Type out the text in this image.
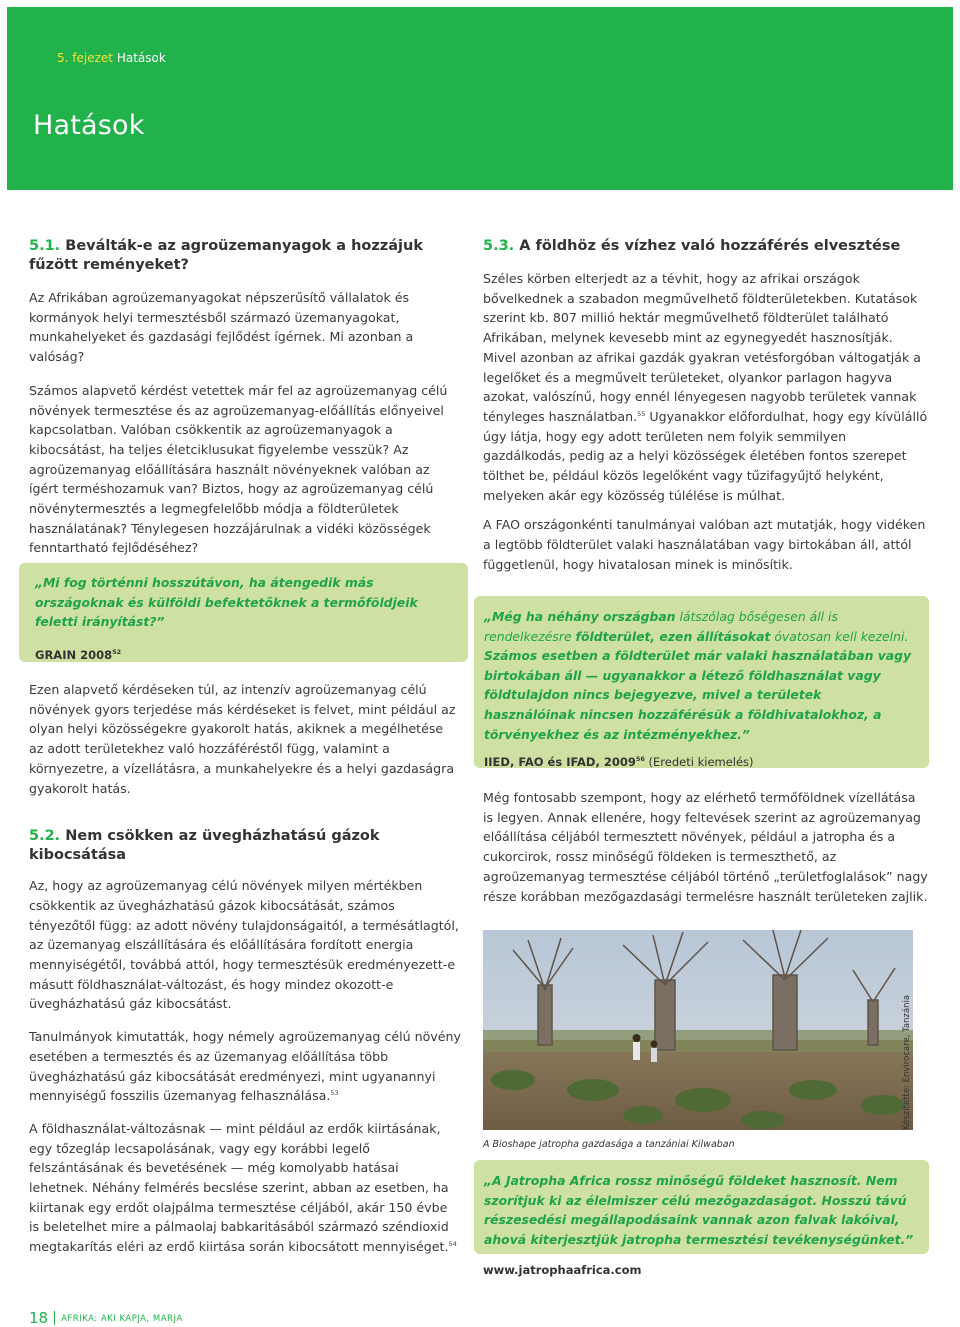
5. fejezet Hatások
Hatások
5.1. Beválták-e az agroüzemanyagok a hozzájuk fűzött reményeket?

Az Afrikában agroüzemanyagokat népszerűsítő vállalatok és kormányok helyi termesztésből származó üzemanyagokat, munkahelyeket és gazdasági fejlődést ígérnek. Mi azonban a valóság?

Számos alapvető kérdést vetettek már fel az agroüzemanyag célú növények termesztése és az agroüzemanyag-előállítás előnyeivel kapcsolatban. Valóban csökkentik az agroüzemanyagok a kibocsátást, ha teljes életciklusukat figyelembe vesszük? Az agroüzemanyag előállítására használt növényeknek valóban az ígért terméshozamuk van? Biztos, hogy az agroüzemanyag célú növénytermesztés a legmegfelelőbb módja a földterületek használatának? Ténylegesen hozzájárulnak a vidéki közösségek fenntartható fejlődéséhez?

„Mi fog történni hosszútávon, ha átengedik más országoknak és külföldi befektetőknek a termőföldjeik feletti irányítást?”
GRAIN 2008$^{52}$

Ezen alapvető kérdéseken túl, az intenzív agroüzemanyag célú növények gyors terjedése más kérdéseket is felvet, mint például az olyan helyi közösségekre gyakorolt hatás, akiknek a megélhetése az adott területekhez való hozzáféréstől függ, valamint a környezetre, a vízellátásra, a munkahelyekre és a helyi gazdaságra gyakorolt hatás.

5.2. Nem csökken az üvegházhatású gázok kibocsátása

Az, hogy az agroüzemanyag célú növények milyen mértékben csökkentik az üvegházhatású gázok kibocsátását, számos tényezőtől függ: az adott növény tulajdonságaitól, a termésátlagtól, az üzemanyag elszállítására és előállítására fordított energia mennyiségétől, továbbá attól, hogy termesztésük eredményezett-e másutt földhasználat-változást, és hogy mindez okozott-e üvegházhatású gáz kibocsátást.

Tanulmányok kimutatták, hogy némely agroüzemanyag célú növény esetében a termesztés és az üzemanyag előállítása több üvegházhatású gáz kibocsátását eredményezi, mint ugyanannyi mennyiségű fosszilis üzemanyag felhasználása.$^{53}$

A földhasználat-változásnak — mint például az erdők kiirtásának, egy tőzegláp lecsapolásának, vagy egy korábbi legelő felszántásának és bevetésének — még komolyabb hatásai lehetnek. Néhány felmérés becslése szerint, abban az esetben, ha kiirtanak egy erdőt olajpálma termesztése céljából, akár 150 évbe is beletelhet mire a pálmaolaj babkaritásából származó széndioxid megtakarítás eléri az erdő kiirtása során kibocsátott mennyiséget.$^{54}$

5.3. A földhöz és vízhez való hozzáférés elvesztése

Széles körben elterjedt az a tévhit, hogy az afrikai országok bővelkednek a szabadon megművelhető földterületekben. Kutatások szerint kb. 807 millió hektár megművelhető földterület található Afrikában, melynek kevesebb mint az egynegyedét hasznosítják. Mivel azonban az afrikai gazdák gyakran vetésforgóban váltogatják a legelőket és a megművelt területeket, olyankor parlagon hagyva azokat, valószínű, hogy ennél lényegesen nagyobb területek vannak tényleges használatban.$^{55}$ Ugyanakkor előfordulhat, hogy egy kívülálló úgy látja, hogy egy adott területen nem folyik semmilyen gazdálkodás, pedig az a helyi közösségek életében fontos szerepet tölthet be, például közös legelőként vagy tűzifagyűjtő helyként, melyeken akár egy közösség túlélése is múlhat.

A FAO országonkénti tanulmányai valóban azt mutatják, hogy vidéken a legtöbb földterület valaki használatában vagy birtokában áll, attól függetlenül, hogy hivatalosan minek is minősítik.

„Még ha néhány országban látszólag bőségesen áll is rendelkezésre földterület, ezen állításokat óvatosan kell kezelni. Számos esetben a földterület már valaki használatában vagy birtokában áll — ugyanakkor a létező földhasználat vagy földtulajdon nincs bejegyezve, mivel a területek használóinak nincsen hozzáférésük a földhivatalokhoz, a törvényekhez és az intézményekhez.”
IIED, FAO és IFAD, 2009$^{56}$ (Eredeti kiemelés)

Még fontosabb szempont, hogy az elérhető termőföldnek vízellátása is legyen. Annak ellenére, hogy feltevések szerint az agroüzemanyag előállítása céljából termesztett növények, például a jatropha és a cukorcirok, rossz minőségű földeken is termeszthető, az agroüzemanyag termesztése céljából történő „területfoglalások” nagy része korábban mezőgazdasági termelésre használt területeken zajlik.

Készítette: Envirocare, Tanzánia
A Bioshape jatropha gazdasága a tanzániai Kilwaban
„A Jatropha Africa rossz minőségű földeket hasznosít. Nem szorítjuk ki az élelmiszer célú mezőgazdaságot. Hosszú távú részesedési megállapodásaink vannak azon falvak lakóival, ahová kiterjesztjük jatropha termesztési tevékenységünket.”
www.jatrophaafrica.com
18 AFRIKA: AKI KAPJA, MARJA
